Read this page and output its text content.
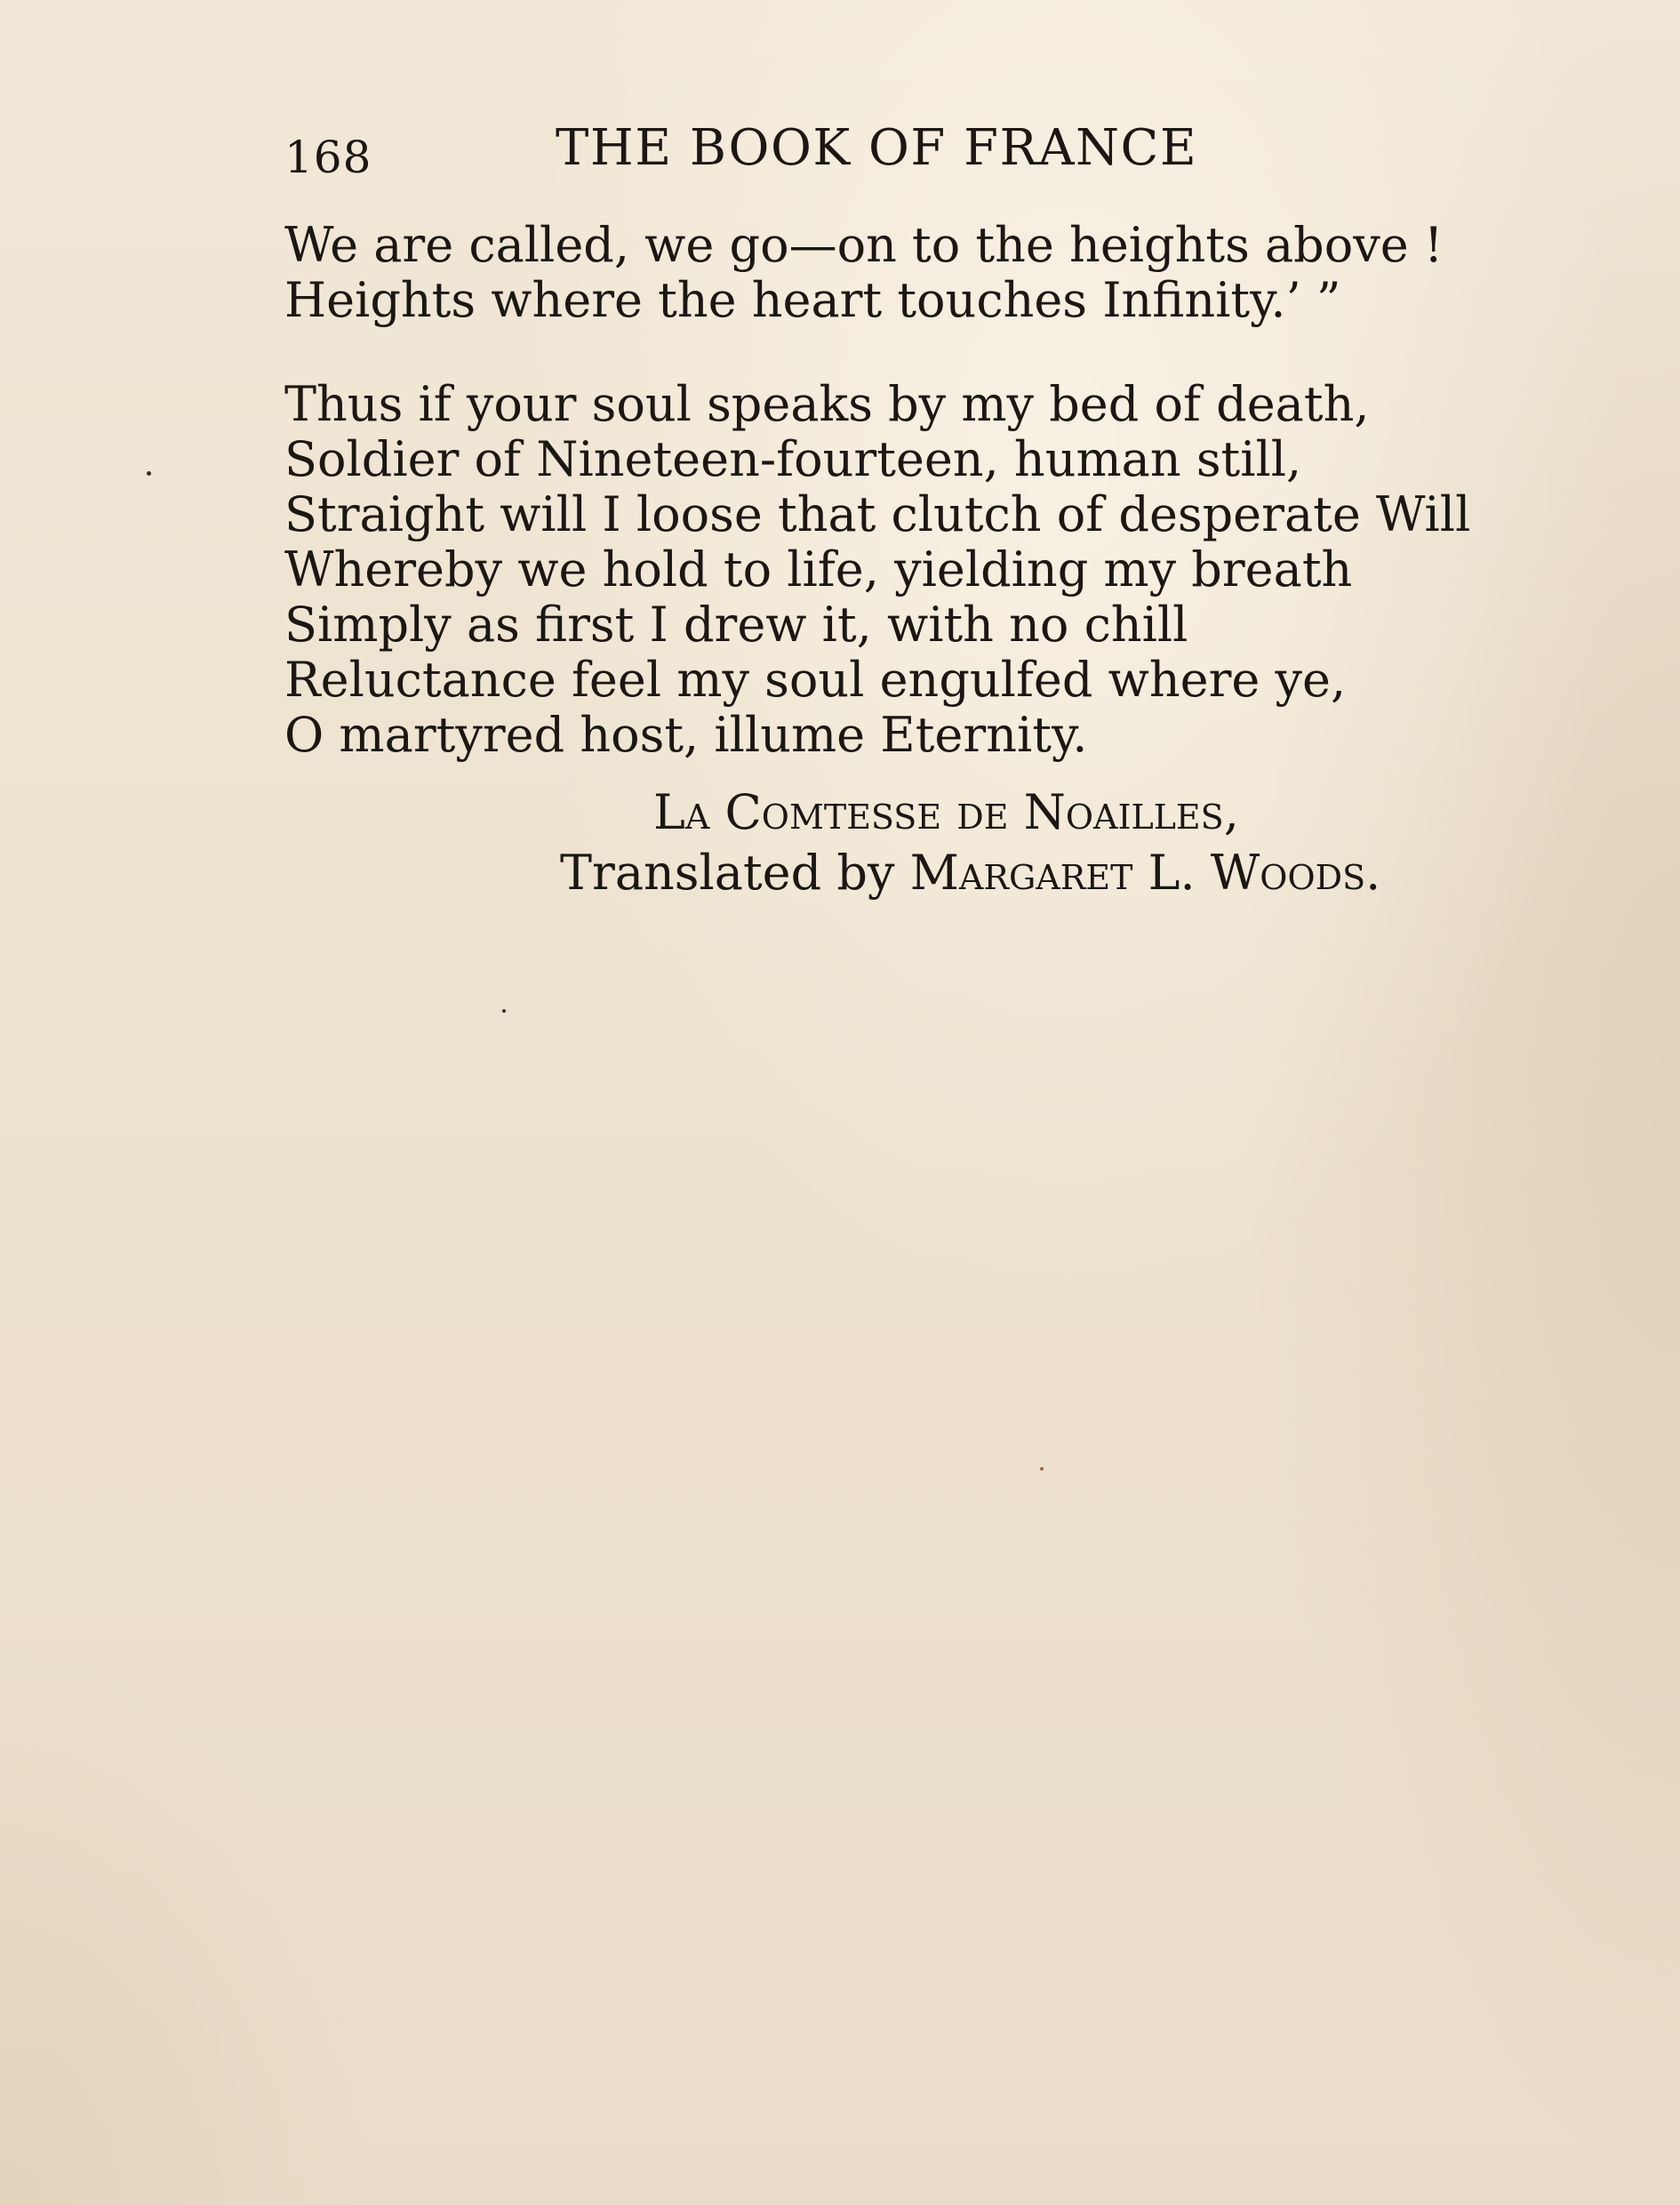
168	THE BOOK OF FRANCE
We are called, we go—on to the heights above !
Heights where the heart touches Infinity.’ ”
Thus if your soul speaks by my bed of death,
Soldier of Nineteen-fourteen, human still,
Straight will I loose that clutch of desperate Will
Whereby we hold to life, yielding my breath
Simply as first I drew it, with no chill
Reluctance feel my soul engulfed where ye,
O martyred host, illume Eternity.
La Comtesse de Noailles,
Translated by Margaret L. Woods.
